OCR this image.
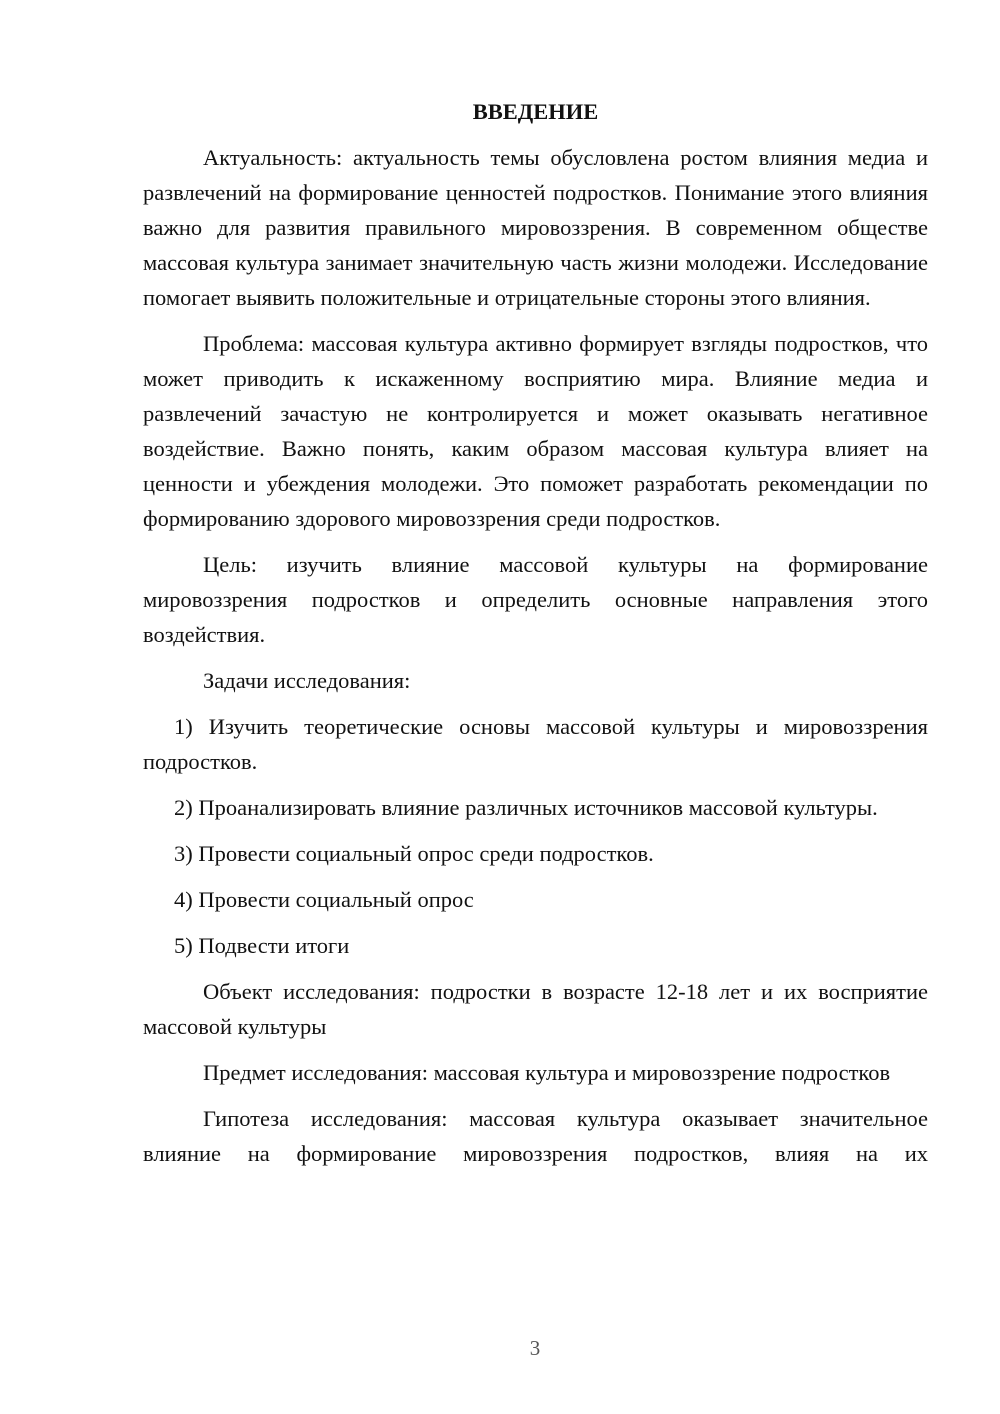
ВВЕДЕНИЕ

Актуальность: актуальность темы обусловлена ростом влияния медиа и развлечений на формирование ценностей подростков. Понимание этого влияния важно для развития правильного мировоззрения. В современном обществе массовая культура занимает значительную часть жизни молодежи. Исследование помогает выявить положительные и отрицательные стороны этого влияния.

Проблема: массовая культура активно формирует взгляды подростков, что может приводить к искаженному восприятию мира. Влияние медиа и развлечений зачастую не контролируется и может оказывать негативное воздействие. Важно понять, каким образом массовая культура влияет на ценности и убеждения молодежи. Это поможет разработать рекомендации по формированию здорового мировоззрения среди подростков.

Цель: изучить влияние массовой культуры на формирование мировоззрения подростков и определить основные направления этого воздействия.

Задачи исследования:

1) Изучить теоретические основы массовой культуры и мировоззрения подростков.

2) Проанализировать влияние различных источников массовой культуры.

3) Провести социальный опрос среди подростков.

4) Провести социальный опрос

5) Подвести итоги

Объект исследования: подростки в возрасте 12-18 лет и их восприятие массовой культуры

Предмет исследования: массовая культура и мировоззрение подростков

Гипотеза исследования: массовая культура оказывает значительное влияние на формирование мировоззрения подростков, влияя на их

3
